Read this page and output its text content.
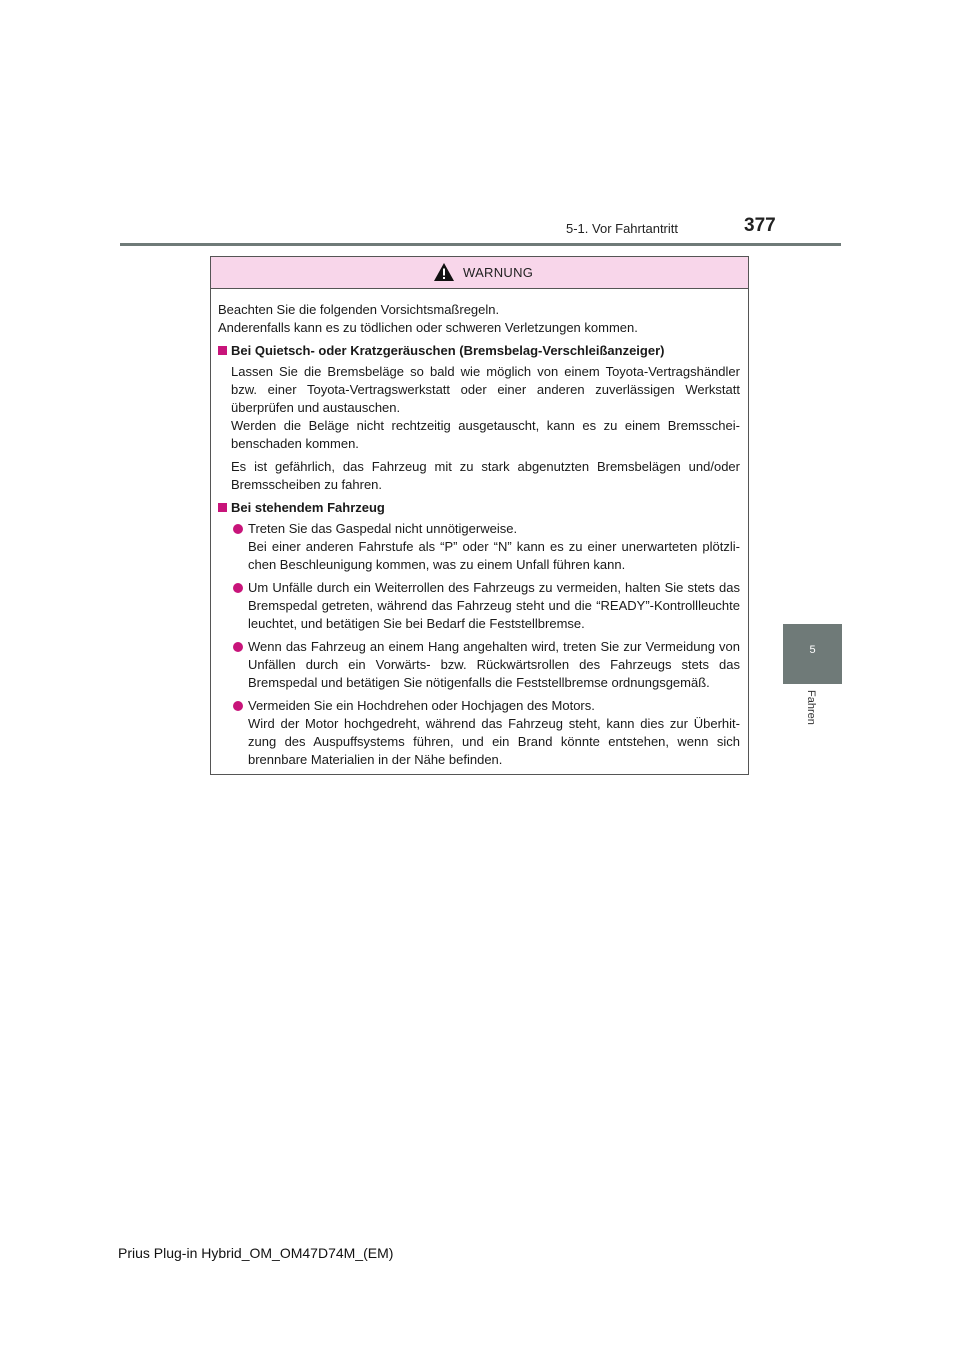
5-1. Vor Fahrtantritt	377
5
Fahren
WARNUNG

Beachten Sie die folgenden Vorsichtsmaßregeln.

Anderenfalls kann es zu tödlichen oder schweren Verletzungen kommen.

Bei Quietsch- oder Kratzgeräuschen (Bremsbelag-Verschleißanzeiger)

Lassen Sie die Bremsbeläge so bald wie möglich von einem Toyota-Vertragshändler bzw. einer Toyota-Vertragswerkstatt oder einer anderen zuverlässigen Werkstatt überprüfen und austauschen.

Werden die Beläge nicht rechtzeitig ausgetauscht, kann es zu einem Bremsscheibenschaden kommen.

Es ist gefährlich, das Fahrzeug mit zu stark abgenutzten Bremsbelägen und/oder Bremsscheiben zu fahren.

Bei stehendem Fahrzeug

Treten Sie das Gaspedal nicht unnötigerweise.

Bei einer anderen Fahrstufe als “P” oder “N” kann es zu einer unerwarteten plötzlichen Beschleunigung kommen, was zu einem Unfall führen kann.

Um Unfälle durch ein Weiterrollen des Fahrzeugs zu vermeiden, halten Sie stets das Bremspedal getreten, während das Fahrzeug steht und die “READY”-Kontrollleuchte leuchtet, und betätigen Sie bei Bedarf die Feststellbremse.

Wenn das Fahrzeug an einem Hang angehalten wird, treten Sie zur Vermeidung von Unfällen durch ein Vorwärts- bzw. Rückwärtsrollen des Fahrzeugs stets das Bremspedal und betätigen Sie nötigenfalls die Feststellbremse ordnungsgemäß.

Vermeiden Sie ein Hochdrehen oder Hochjagen des Motors.

Wird der Motor hochgedreht, während das Fahrzeug steht, kann dies zur Überhitzung des Auspuffsystems führen, und ein Brand könnte entstehen, wenn sich brennbare Materialien in der Nähe befinden.

Prius Plug-in Hybrid_OM_OM47D74M_(EM)
